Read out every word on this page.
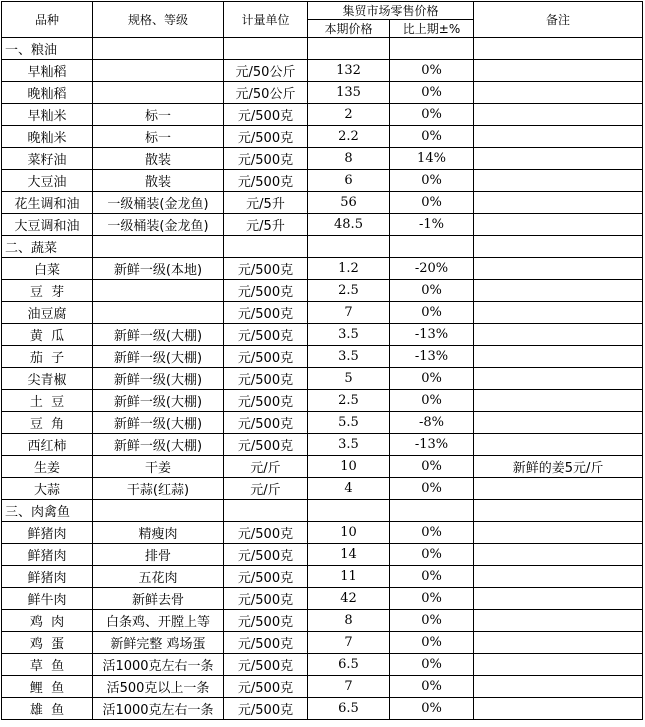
品种	规格、等级	计量单位	集贸市场零售价格		备注
			本期价格	比上期±%	
一、粮油					
早籼稻		元/50公斤	132	0%	
晚籼稻		元/50公斤	135	0%	
早籼米	标一	元/500克	2	0%	
晚籼米	标一	元/500克	2.2	0%	
菜籽油	散装	元/500克	8	14%	
大豆油	散装	元/500克	6	0%	
花生调和油	一级桶装(金龙鱼)	元/5升	56	0%	
大豆调和油	一级桶装(金龙鱼)	元/5升	48.5	-1%	
二、蔬菜					
白菜	新鲜一级(本地)	元/500克	1.2	-20%	
豆  芽		元/500克	2.5	0%	
油豆腐		元/500克	7	0%	
黄  瓜	新鲜一级(大棚)	元/500克	3.5	-13%	
茄  子	新鲜一级(大棚)	元/500克	3.5	-13%	
尖青椒	新鲜一级(大棚)	元/500克	5	0%	
土  豆	新鲜一级(大棚)	元/500克	2.5	0%	
豆  角	新鲜一级(大棚)	元/500克	5.5	-8%	
西红柿	新鲜一级(大棚)	元/500克	3.5	-13%	
生姜	干姜	元/斤	10	0%	新鲜的姜5元/斤
大蒜	干蒜(红蒜)	元/斤	4	0%	
三、肉禽鱼					
鲜猪肉	精瘦肉	元/500克	10	0%	
鲜猪肉	排骨	元/500克	14	0%	
鲜猪肉	五花肉	元/500克	11	0%	
鲜牛肉	新鲜去骨	元/500克	42	0%	
鸡  肉	白条鸡、开膛上等	元/500克	8	0%	
鸡  蛋	新鲜完整 鸡场蛋	元/500克	7	0%	
草  鱼	活1000克左右一条	元/500克	6.5	0%	
鲤  鱼	活500克以上一条	元/500克	7	0%	
雄  鱼	活1000克左右一条	元/500克	6.5	0%	
